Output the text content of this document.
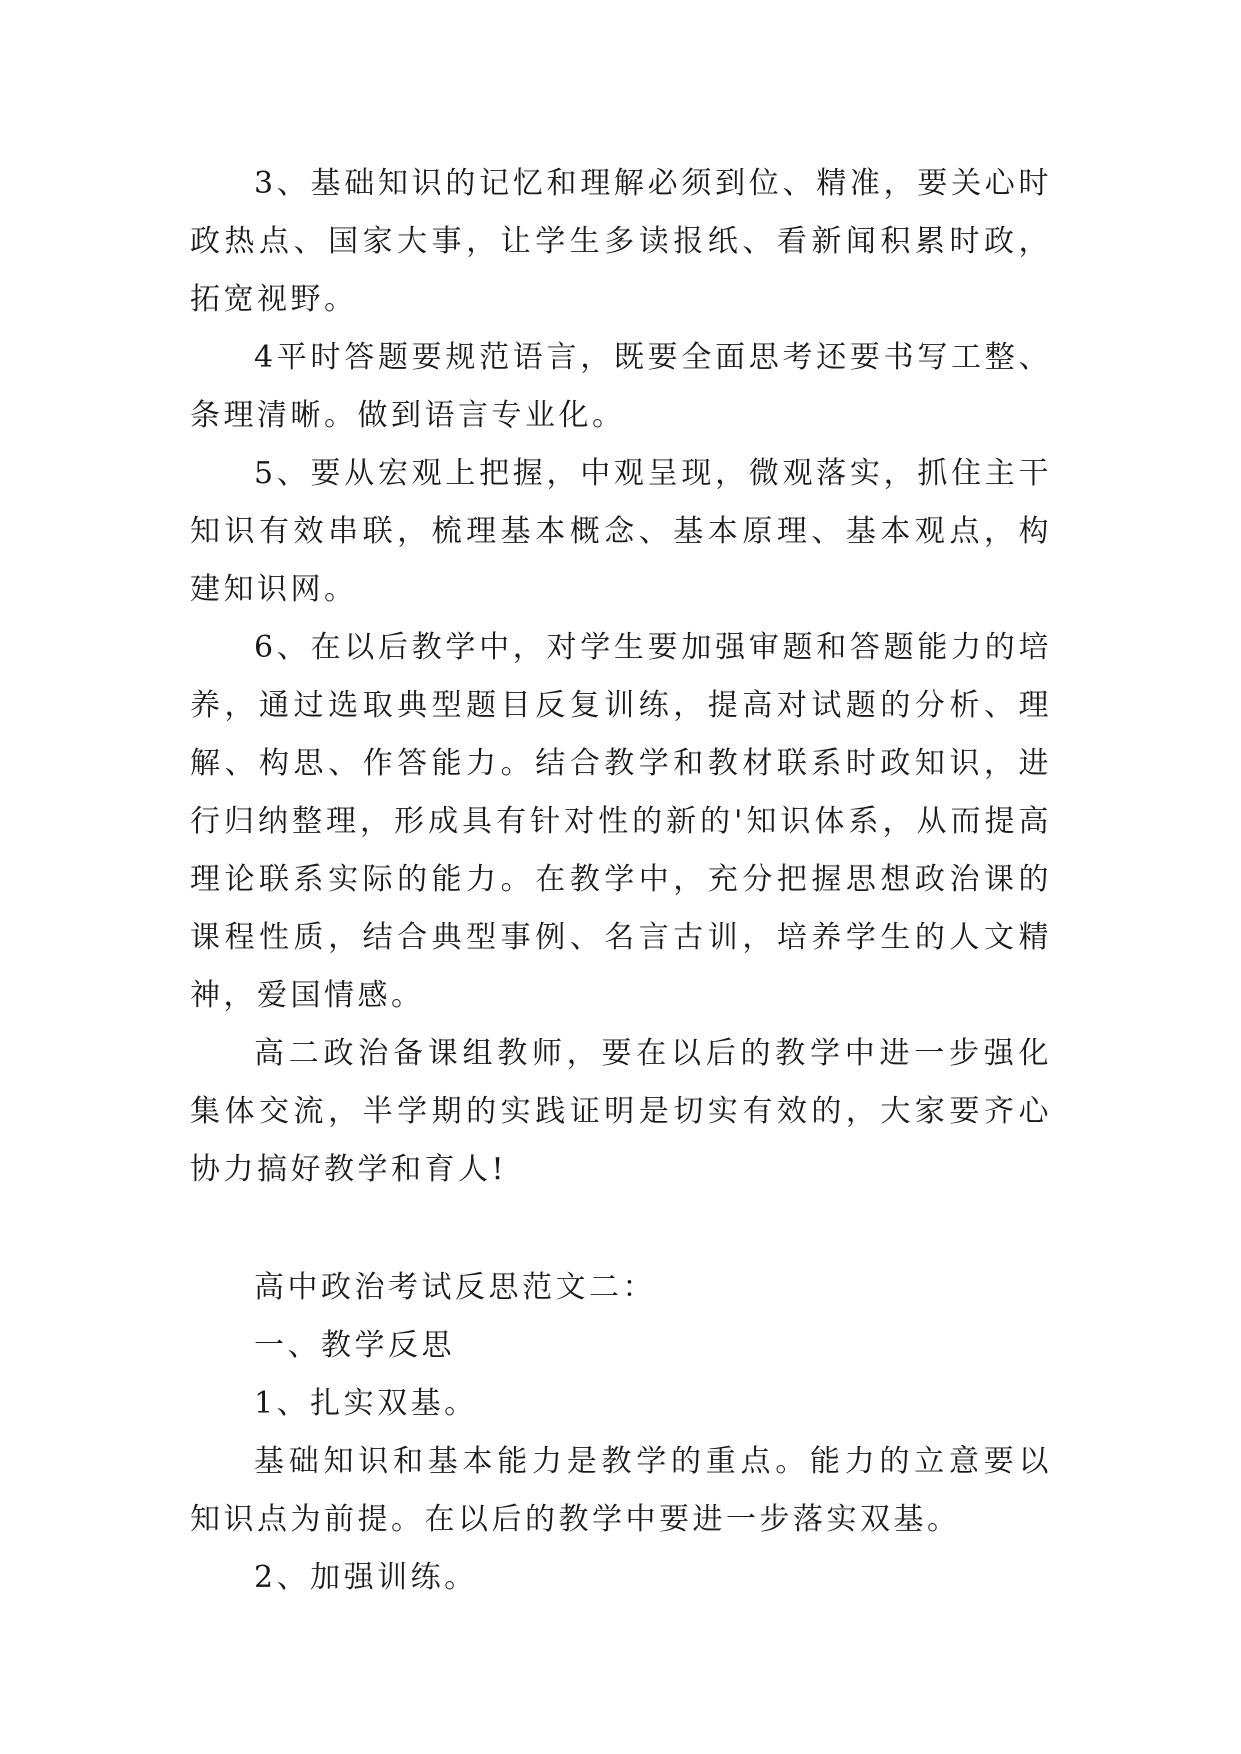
3、基础知识的记忆和理解必须到位、精准，要关心时政热点、国家大事，让学生多读报纸、看新闻积累时政，拓宽视野。

4平时答题要规范语言，既要全面思考还要书写工整、条理清晰。做到语言专业化。

5、要从宏观上把握，中观呈现，微观落实，抓住主干知识有效串联，梳理基本概念、基本原理、基本观点，构建知识网。

6、在以后教学中，对学生要加强审题和答题能力的培养，通过选取典型题目反复训练，提高对试题的分析、理解、构思、作答能力。结合教学和教材联系时政知识，进行归纳整理，形成具有针对性的新的'知识体系，从而提高理论联系实际的能力。在教学中，充分把握思想政治课的课程性质，结合典型事例、名言古训，培养学生的人文精神，爱国情感。

高二政治备课组教师，要在以后的教学中进一步强化集体交流，半学期的实践证明是切实有效的，大家要齐心协力搞好教学和育人!

高中政治考试反思范文二：

一、教学反思

1、扎实双基。

基础知识和基本能力是教学的重点。能力的立意要以知识点为前提。在以后的教学中要进一步落实双基。

2、加强训练。
